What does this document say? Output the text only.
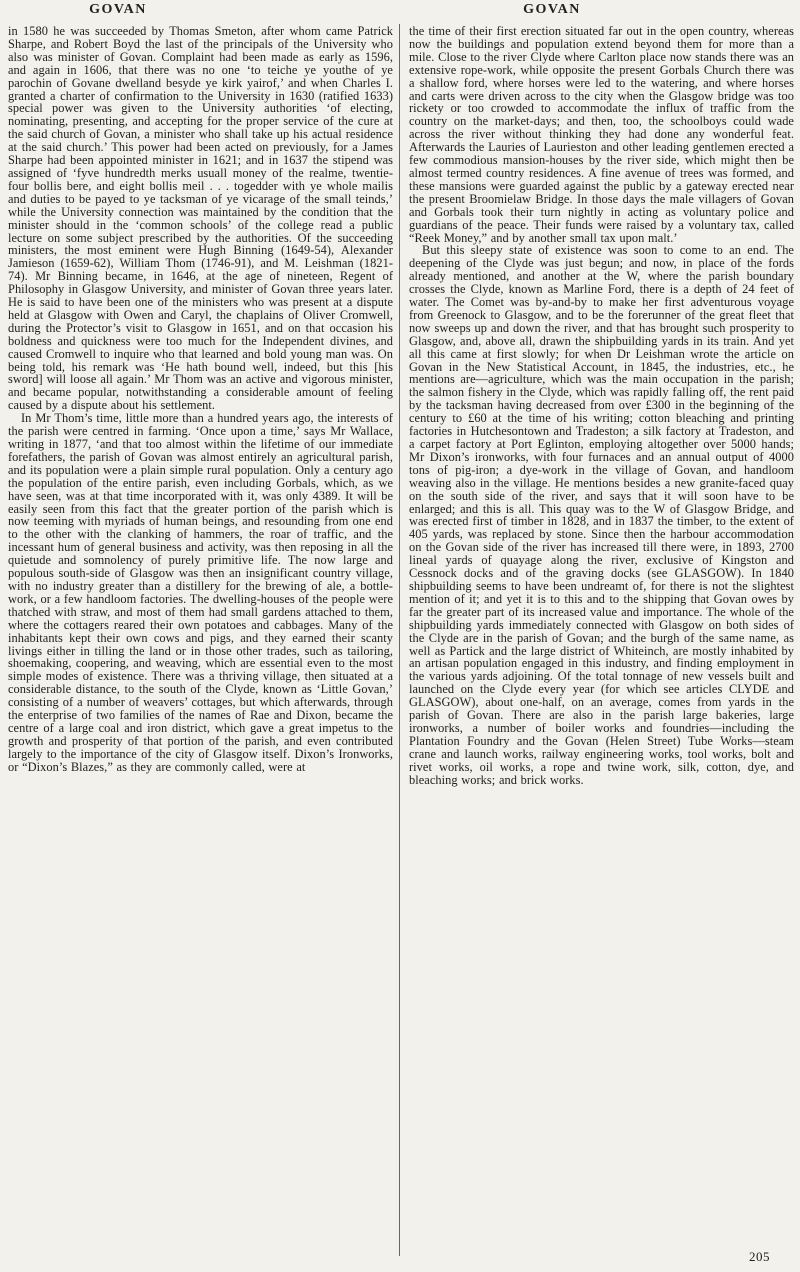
GOVAN	GOVAN

in 1580 he was succeeded by Thomas Smeton, after whom came Patrick Sharpe, and Robert Boyd the last of the principals of the University who also was minister of Govan. Complaint had been made as early as 1596, and again in 1606, that there was no one ‘to teiche ye youthe of ye parochin of Govane dwelland besyde ye kirk yairof,’ and when Charles I. granted a charter of confirmation to the University in 1630 (ratified 1633) special power was given to the University authorities ‘of electing, nominating, presenting, and accepting for the proper service of the cure at the said church of Govan, a minister who shall take up his actual residence at the said church.’ This power had been acted on previously, for a James Sharpe had been appointed minister in 1621; and in 1637 the stipend was assigned of ‘fyve hundredth merks usuall money of the realme, twentie-four bollis bere, and eight bollis meil . . . togedder with ye whole mailis and duties to be payed to ye tacksman of ye vicarage of the small teinds,’ while the University connection was maintained by the condition that the minister should in the ‘common schools’ of the college read a public lecture on some subject prescribed by the authorities. Of the succeeding ministers, the most eminent were Hugh Binning (1649-54), Alexander Jamieson (1659-62), William Thom (1746-91), and M. Leishman (1821-74). Mr Binning became, in 1646, at the age of nineteen, Regent of Philosophy in Glasgow University, and minister of Govan three years later. He is said to have been one of the ministers who was present at a dispute held at Glasgow with Owen and Caryl, the chaplains of Oliver Cromwell, during the Protector’s visit to Glasgow in 1651, and on that occasion his boldness and quickness were too much for the Independent divines, and caused Cromwell to inquire who that learned and bold young man was. On being told, his remark was ‘He hath bound well, indeed, but this [his sword] will loose all again.’ Mr Thom was an active and vigorous minister, and became popular, notwithstanding a considerable amount of feeling caused by a dispute about his settlement.

In Mr Thom’s time, little more than a hundred years ago, the interests of the parish were centred in farming. ‘Once upon a time,’ says Mr Wallace, writing in 1877, ‘and that too almost within the lifetime of our immediate forefathers, the parish of Govan was almost entirely an agricultural parish, and its population were a plain simple rural population. Only a century ago the population of the entire parish, even including Gorbals, which, as we have seen, was at that time incorporated with it, was only 4389. It will be easily seen from this fact that the greater portion of the parish which is now teeming with myriads of human beings, and resounding from one end to the other with the clanking of hammers, the roar of traffic, and the incessant hum of general business and activity, was then reposing in all the quietude and somnolency of purely primitive life. The now large and populous south-side of Glasgow was then an insignificant country village, with no industry greater than a distillery for the brewing of ale, a bottle-work, or a few handloom factories. The dwelling-houses of the people were thatched with straw, and most of them had small gardens attached to them, where the cottagers reared their own potatoes and cabbages. Many of the inhabitants kept their own cows and pigs, and they earned their scanty livings either in tilling the land or in those other trades, such as tailoring, shoemaking, coopering, and weaving, which are essential even to the most simple modes of existence. There was a thriving village, then situated at a considerable distance, to the south of the Clyde, known as ‘Little Govan,’ consisting of a number of weavers’ cottages, but which afterwards, through the enterprise of two families of the names of Rae and Dixon, became the centre of a large coal and iron district, which gave a great impetus to the growth and prosperity of that portion of the parish, and even contributed largely to the importance of the city of Glasgow itself. Dixon’s Ironworks, or “Dixon’s Blazes,” as they are commonly called, were at

the time of their first erection situated far out in the open country, whereas now the buildings and population extend beyond them for more than a mile. Close to the river Clyde where Carlton place now stands there was an extensive rope-work, while opposite the present Gorbals Church there was a shallow ford, where horses were led to the watering, and where horses and carts were driven across to the city when the Glasgow bridge was too rickety or too crowded to accommodate the influx of traffic from the country on the market-days; and then, too, the schoolboys could wade across the river without thinking they had done any wonderful feat. Afterwards the Lauries of Laurieston and other leading gentlemen erected a few commodious mansion-houses by the river side, which might then be almost termed country residences. A fine avenue of trees was formed, and these mansions were guarded against the public by a gateway erected near the present Broomielaw Bridge. In those days the male villagers of Govan and Gorbals took their turn nightly in acting as voluntary police and guardians of the peace. Their funds were raised by a voluntary tax, called “Reek Money,” and by another small tax upon malt.’

But this sleepy state of existence was soon to come to an end. The deepening of the Clyde was just begun; and now, in place of the fords already mentioned, and another at the W, where the parish boundary crosses the Clyde, known as Marline Ford, there is a depth of 24 feet of water. The Comet was by-and-by to make her first adventurous voyage from Greenock to Glasgow, and to be the forerunner of the great fleet that now sweeps up and down the river, and that has brought such prosperity to Glasgow, and, above all, drawn the shipbuilding yards in its train. And yet all this came at first slowly; for when Dr Leishman wrote the article on Govan in the New Statistical Account, in 1845, the industries, etc., he mentions are—agriculture, which was the main occupation in the parish; the salmon fishery in the Clyde, which was rapidly falling off, the rent paid by the tacksman having decreased from over £300 in the beginning of the century to £60 at the time of his writing; cotton bleaching and printing factories in Hutchesontown and Tradeston; a silk factory at Tradeston, and a carpet factory at Port Eglinton, employing altogether over 5000 hands; Mr Dixon’s ironworks, with four furnaces and an annual output of 4000 tons of pig-iron; a dye-work in the village of Govan, and handloom weaving also in the village. He mentions besides a new granite-faced quay on the south side of the river, and says that it will soon have to be enlarged; and this is all. This quay was to the W of Glasgow Bridge, and was erected first of timber in 1828, and in 1837 the timber, to the extent of 405 yards, was replaced by stone. Since then the harbour accommodation on the Govan side of the river has increased till there were, in 1893, 2700 lineal yards of quayage along the river, exclusive of Kingston and Cessnock docks and of the graving docks (see GLASGOW). In 1840 shipbuilding seems to have been undreamt of, for there is not the slightest mention of it; and yet it is to this and to the shipping that Govan owes by far the greater part of its increased value and importance. The whole of the shipbuilding yards immediately connected with Glasgow on both sides of the Clyde are in the parish of Govan; and the burgh of the same name, as well as Partick and the large district of Whiteinch, are mostly inhabited by an artisan population engaged in this industry, and finding employment in the various yards adjoining. Of the total tonnage of new vessels built and launched on the Clyde every year (for which see articles CLYDE and GLASGOW), about one-half, on an average, comes from yards in the parish of Govan. There are also in the parish large bakeries, large ironworks, a number of boiler works and foundries—including the Plantation Foundry and the Govan (Helen Street) Tube Works—steam crane and launch works, railway engineering works, tool works, bolt and rivet works, oil works, a rope and twine work, silk, cotton, dye, and bleaching works; and brick works.

205
